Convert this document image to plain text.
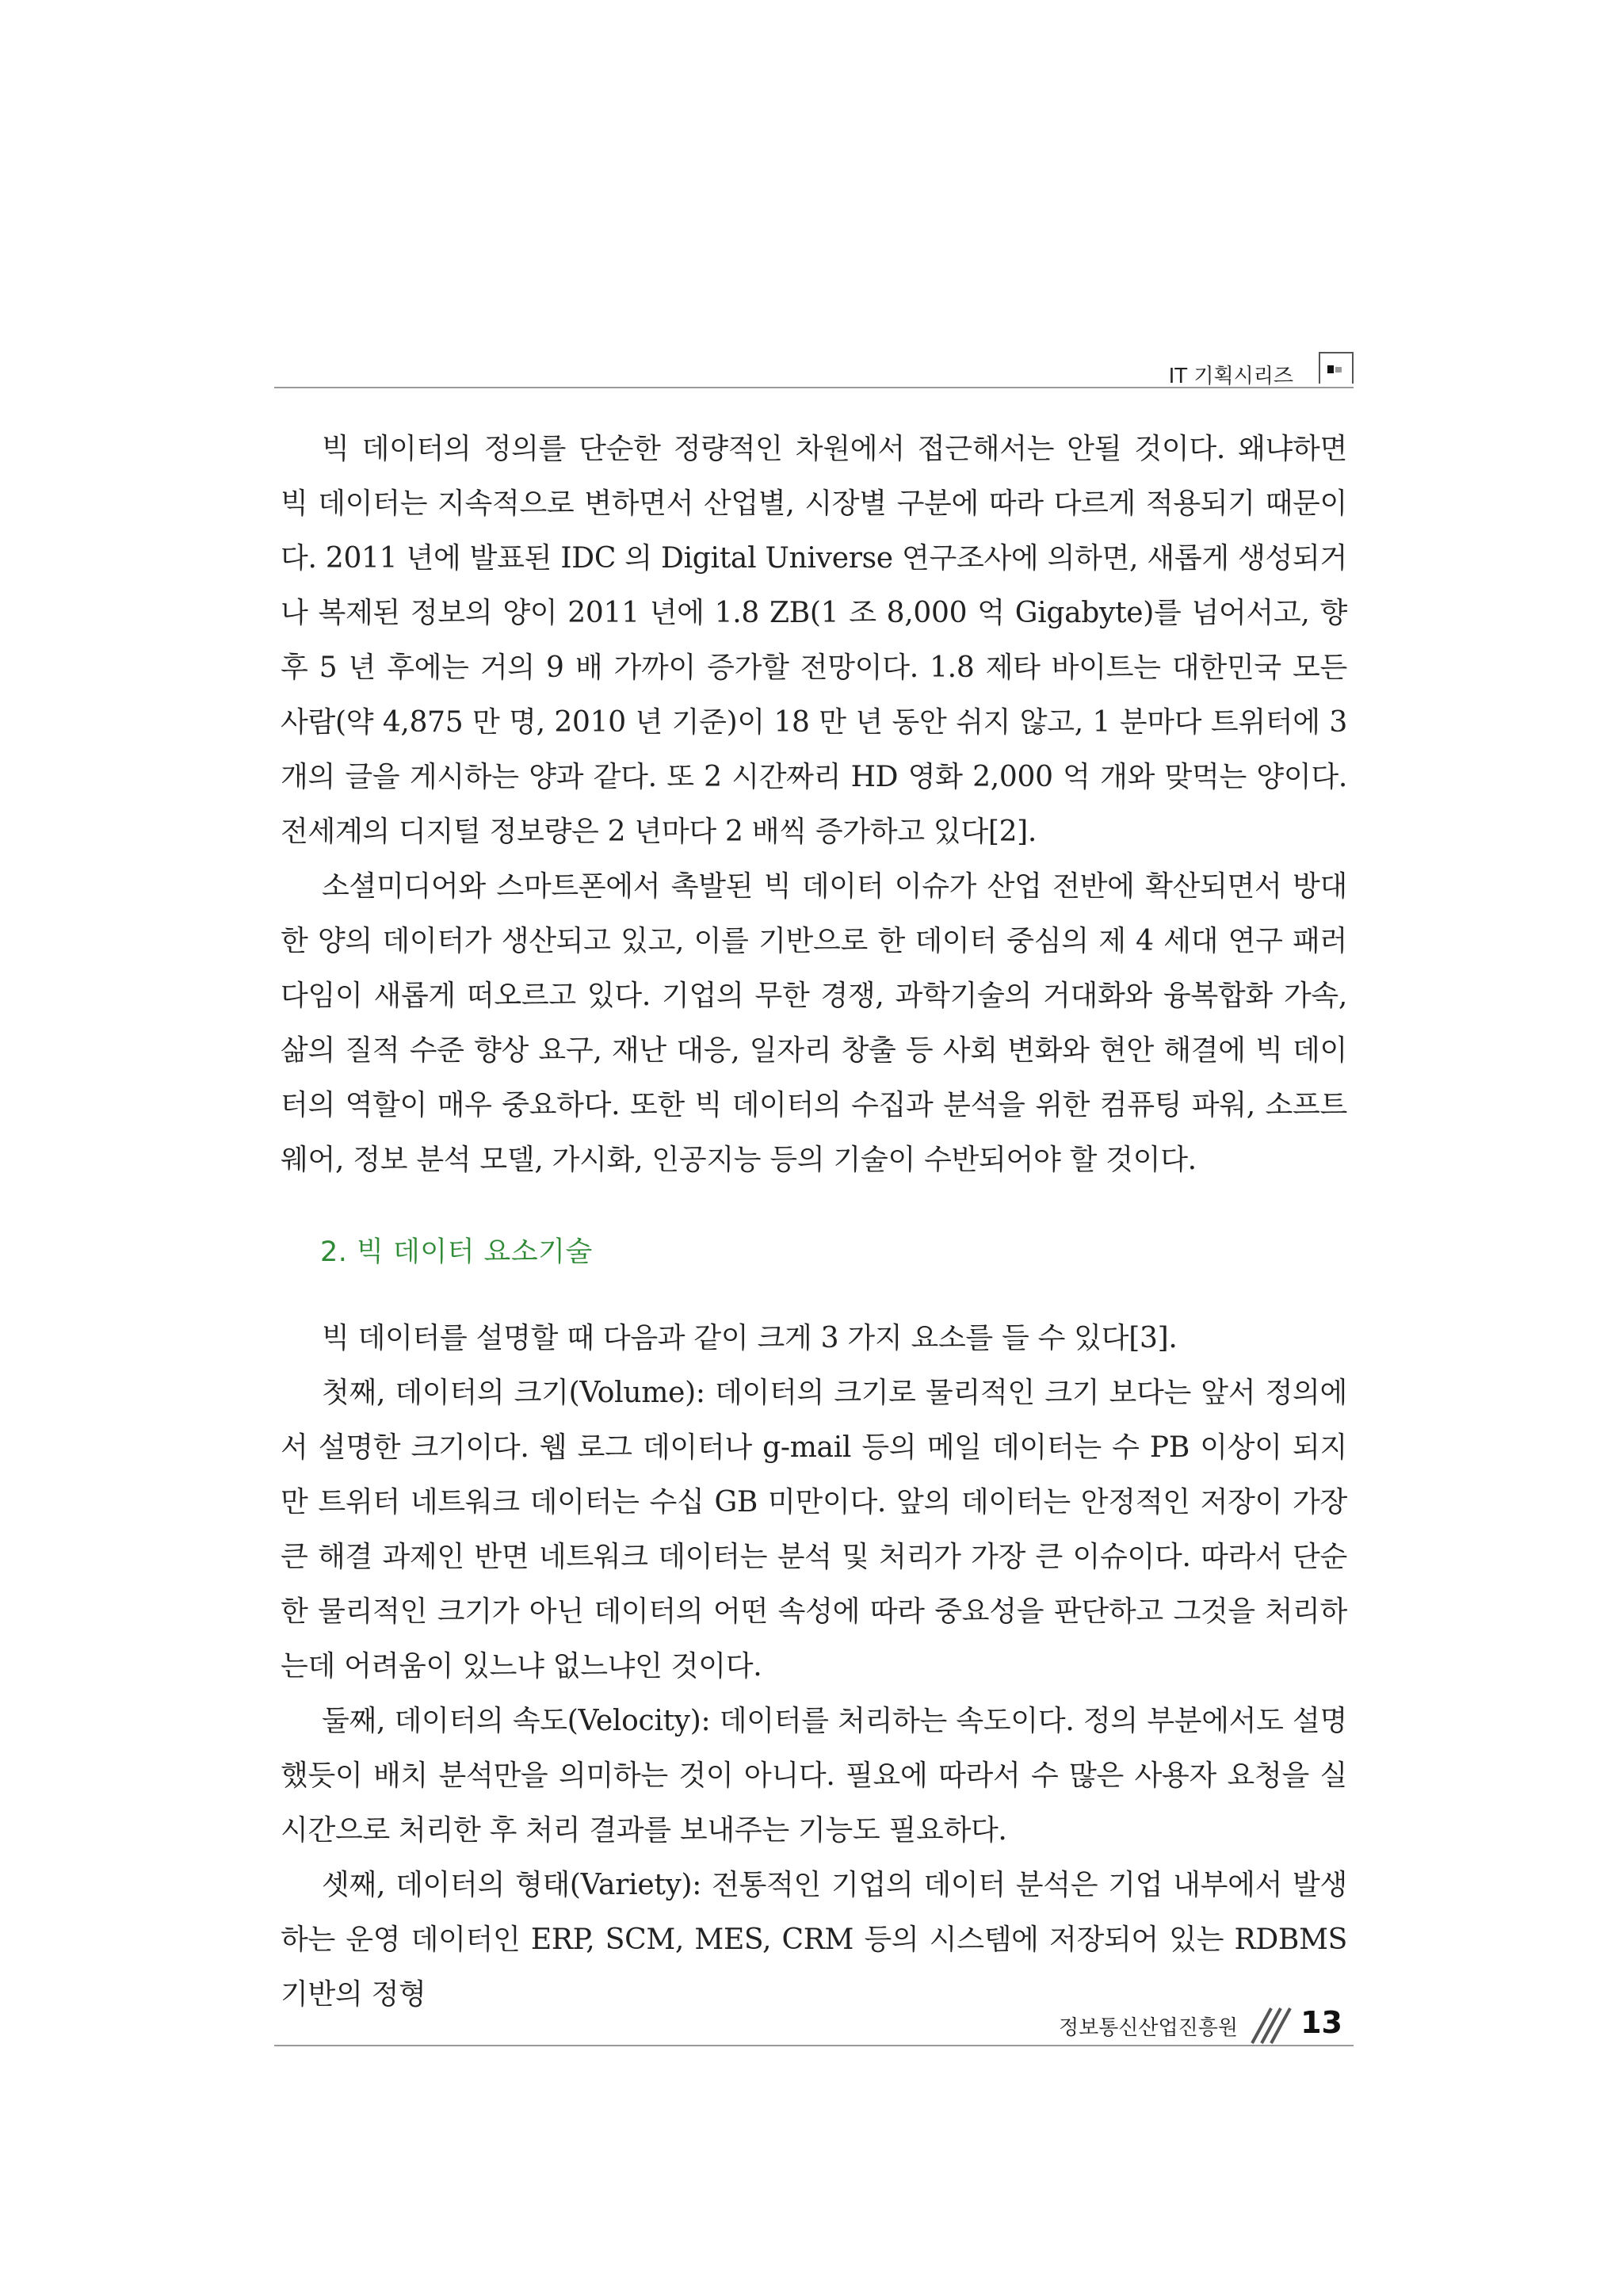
IT 기획시리즈

빅 데이터의 정의를 단순한 정량적인 차원에서 접근해서는 안될 것이다. 왜냐하면 빅 데이터는 지속적으로 변하면서 산업별, 시장별 구분에 따라 다르게 적용되기 때문이다. 2011 년에 발표된 IDC 의 Digital Universe 연구조사에 의하면, 새롭게 생성되거나 복제된 정보의 양이 2011 년에 1.8 ZB(1 조 8,000 억 Gigabyte)를 넘어서고, 향후 5 년 후에는 거의 9 배 가까이 증가할 전망이다. 1.8 제타 바이트는 대한민국 모든 사람(약 4,875 만 명, 2010 년 기준)이 18 만 년 동안 쉬지 않고, 1 분마다 트위터에 3 개의 글을 게시하는 양과 같다. 또 2 시간짜리 HD 영화 2,000 억 개와 맞먹는 양이다. 전세계의 디지털 정보량은 2 년마다 2 배씩 증가하고 있다[2].

소셜미디어와 스마트폰에서 촉발된 빅 데이터 이슈가 산업 전반에 확산되면서 방대한 양의 데이터가 생산되고 있고, 이를 기반으로 한 데이터 중심의 제 4 세대 연구 패러다임이 새롭게 떠오르고 있다. 기업의 무한 경쟁, 과학기술의 거대화와 융복합화 가속, 삶의 질적 수준 향상 요구, 재난 대응, 일자리 창출 등 사회 변화와 현안 해결에 빅 데이터의 역할이 매우 중요하다. 또한 빅 데이터의 수집과 분석을 위한 컴퓨팅 파워, 소프트웨어, 정보 분석 모델, 가시화, 인공지능 등의 기술이 수반되어야 할 것이다.

2. 빅 데이터 요소기술

빅 데이터를 설명할 때 다음과 같이 크게 3 가지 요소를 들 수 있다[3].

첫째, 데이터의 크기(Volume): 데이터의 크기로 물리적인 크기 보다는 앞서 정의에서 설명한 크기이다. 웹 로그 데이터나 g-mail 등의 메일 데이터는 수 PB 이상이 되지만 트위터 네트워크 데이터는 수십 GB 미만이다. 앞의 데이터는 안정적인 저장이 가장 큰 해결 과제인 반면 네트워크 데이터는 분석 및 처리가 가장 큰 이슈이다. 따라서 단순한 물리적인 크기가 아닌 데이터의 어떤 속성에 따라 중요성을 판단하고 그것을 처리하는데 어려움이 있느냐 없느냐인 것이다.

둘째, 데이터의 속도(Velocity): 데이터를 처리하는 속도이다. 정의 부분에서도 설명했듯이 배치 분석만을 의미하는 것이 아니다. 필요에 따라서 수 많은 사용자 요청을 실시간으로 처리한 후 처리 결과를 보내주는 기능도 필요하다.

셋째, 데이터의 형태(Variety): 전통적인 기업의 데이터 분석은 기업 내부에서 발생하는 운영 데이터인 ERP, SCM, MES, CRM 등의 시스템에 저장되어 있는 RDBMS 기반의 정형

정보통신산업진흥원 13
